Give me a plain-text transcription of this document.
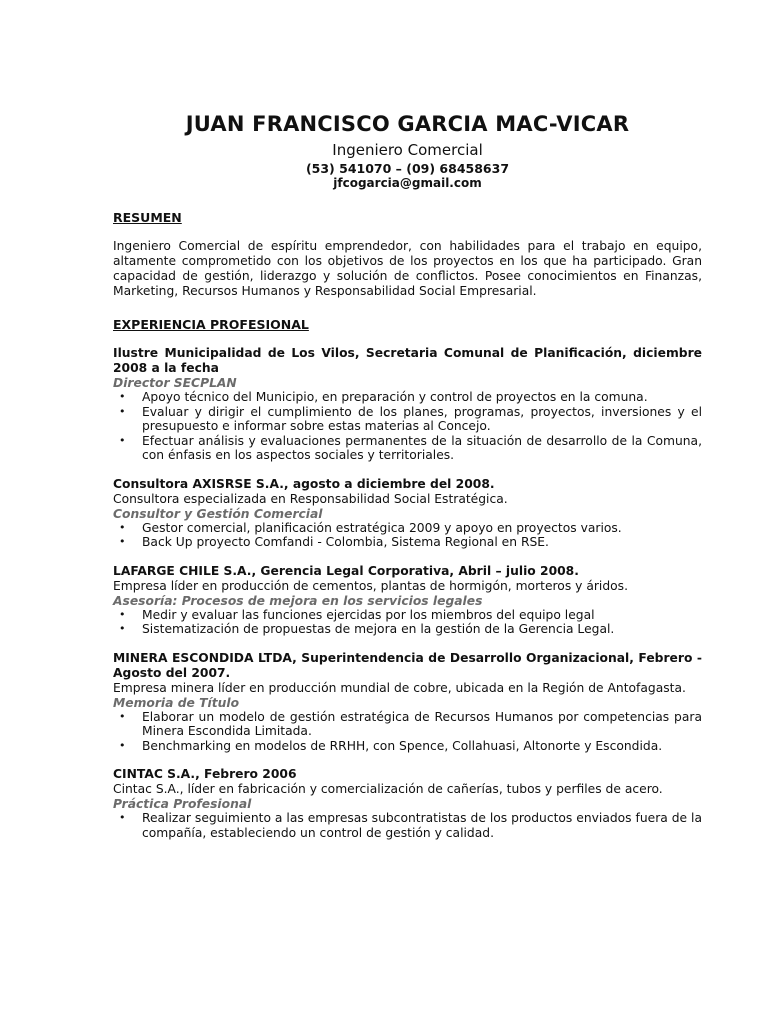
JUAN FRANCISCO GARCIA MAC-VICAR
Ingeniero Comercial
(53) 541070 – (09) 68458637
jfcogarcia@gmail.com
RESUMEN
Ingeniero Comercial de espíritu emprendedor, con habilidades para el trabajo en equipo, altamente comprometido con los objetivos de los proyectos en los que ha participado. Gran capacidad de gestión, liderazgo y solución de conflictos. Posee conocimientos en Finanzas, Marketing, Recursos Humanos y Responsabilidad Social Empresarial.
EXPERIENCIA PROFESIONAL
Ilustre Municipalidad de Los Vilos, Secretaria Comunal de Planificación, diciembre 2008 a la fecha
Director SECPLAN
• Apoyo técnico del Municipio, en preparación y control de proyectos en la comuna.
• Evaluar y dirigir el cumplimiento de los planes, programas, proyectos, inversiones y el presupuesto e informar sobre estas materias al Concejo.
• Efectuar análisis y evaluaciones permanentes de la situación de desarrollo de la Comuna, con énfasis en los aspectos sociales y territoriales.
Consultora AXISRSE S.A., agosto a diciembre del 2008.
Consultora especializada en Responsabilidad Social Estratégica.
Consultor y Gestión Comercial
• Gestor comercial, planificación estratégica 2009 y apoyo en proyectos varios.
• Back Up proyecto Comfandi - Colombia, Sistema Regional en RSE.
LAFARGE CHILE S.A., Gerencia Legal Corporativa, Abril – julio 2008.
Empresa líder en producción de cementos, plantas de hormigón, morteros y áridos.
Asesoría: Procesos de mejora en los servicios legales
• Medir y evaluar las funciones ejercidas por los miembros del equipo legal
• Sistematización de propuestas de mejora en la gestión de la Gerencia Legal.
MINERA ESCONDIDA LTDA, Superintendencia de Desarrollo Organizacional, Febrero - Agosto del 2007.
Empresa minera líder en producción mundial de cobre, ubicada en la Región de Antofagasta.
Memoria de Título
• Elaborar un modelo de gestión estratégica de Recursos Humanos por competencias para Minera Escondida Limitada.
• Benchmarking en modelos de RRHH, con Spence, Collahuasi, Altonorte y Escondida.
CINTAC S.A., Febrero 2006
Cintac S.A., líder en fabricación y comercialización de cañerías, tubos y perfiles de acero.
Práctica Profesional
• Realizar seguimiento a las empresas subcontratistas de los productos enviados fuera de la compañía, estableciendo un control de gestión y calidad.
